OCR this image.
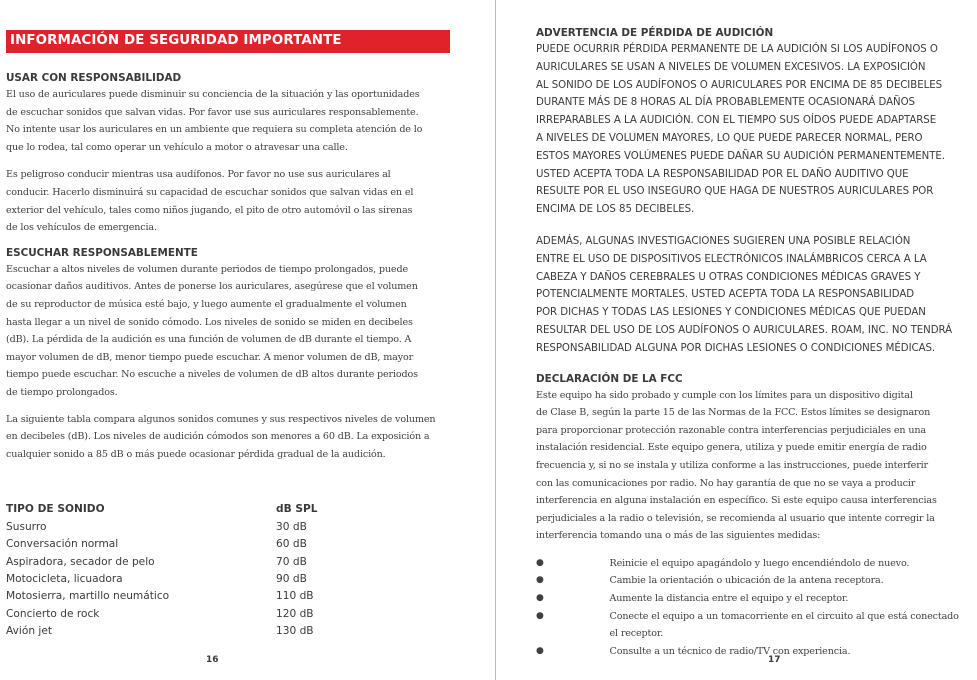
INFORMACIÓN DE SEGURIDAD IMPORTANTE
USAR CON RESPONSABILIDAD

El uso de auriculares puede disminuir su conciencia de la situación y las oportunidades
de escuchar sonidos que salvan vidas. Por favor use sus auriculares responsablemente.
No intente usar los auriculares en un ambiente que requiera su completa atención de lo
que lo rodea, tal como operar un vehículo a motor o atravesar una calle.

Es peligroso conducir mientras usa audífonos. Por favor no use sus auriculares al
conducir. Hacerlo disminuirá su capacidad de escuchar sonidos que salvan vidas en el
exterior del vehículo, tales como niños jugando, el pito de otro automóvil o las sirenas
de los vehículos de emergencia.

ESCUCHAR RESPONSABLEMENTE

Escuchar a altos niveles de volumen durante periodos de tiempo prolongados, puede
ocasionar daños auditivos. Antes de ponerse los auriculares, asegúrese que el volumen
de su reproductor de música esté bajo, y luego aumente el gradualmente el volumen
hasta llegar a un nivel de sonido cómodo. Los niveles de sonido se miden en decibeles
(dB). La pérdida de la audición es una función de volumen de dB durante el tiempo. A
mayor volumen de dB, menor tiempo puede escuchar. A menor volumen de dB, mayor
tiempo puede escuchar. No escuche a niveles de volumen de dB altos durante periodos
de tiempo prolongados.

La siguiente tabla compara algunos sonidos comunes y sus respectivos niveles de volumen
en decibeles (dB). Los niveles de audición cómodos son menores a 60 dB. La exposición a
cualquier sonido a 85 dB o más puede ocasionar pérdida gradual de la audición.

TIPO DE SONIDO	dB SPL
Susurro	30 dB
Conversación normal	60 dB
Aspiradora, secador de pelo	70 dB
Motocicleta, licuadora	90 dB
Motosierra, martillo neumático	110 dB
Concierto de rock	120 dB
Avión jet	130 dB
16
ADVERTENCIA DE PÉRDIDA DE AUDICIÓN

PUEDE OCURRIR PÉRDIDA PERMANENTE DE LA AUDICIÓN SI LOS AUDÍFONOS O
AURICULARES SE USAN A NIVELES DE VOLUMEN EXCESIVOS. LA EXPOSICIÓN
AL SONIDO DE LOS AUDÍFONOS O AURICULARES POR ENCIMA DE 85 DECIBELES
DURANTE MÁS DE 8 HORAS AL DÍA PROBABLEMENTE OCASIONARÁ DAÑOS
IRREPARABLES A LA AUDICIÓN. CON EL TIEMPO SUS OÍDOS PUEDE ADAPTARSE
A NIVELES DE VOLUMEN MAYORES, LO QUE PUEDE PARECER NORMAL, PERO
ESTOS MAYORES VOLÚMENES PUEDE DAÑAR SU AUDICIÓN PERMANENTEMENTE.
USTED ACEPTA TODA LA RESPONSABILIDAD POR EL DAÑO AUDITIVO QUE
RESULTE POR EL USO INSEGURO QUE HAGA DE NUESTROS AURICULARES POR
ENCIMA DE LOS 85 DECIBELES.

ADEMÁS, ALGUNAS INVESTIGACIONES SUGIEREN UNA POSIBLE RELACIÓN
ENTRE EL USO DE DISPOSITIVOS ELECTRÓNICOS INALÁMBRICOS CERCA A LA
CABEZA Y DAÑOS CEREBRALES U OTRAS CONDICIONES MÉDICAS GRAVES Y
POTENCIALMENTE MORTALES. USTED ACEPTA TODA LA RESPONSABILIDAD
POR DICHAS Y TODAS LAS LESIONES Y CONDICIONES MÉDICAS QUE PUEDAN
RESULTAR DEL USO DE LOS AUDÍFONOS O AURICULARES. ROAM, INC. NO TENDRÁ
RESPONSABILIDAD ALGUNA POR DICHAS LESIONES O CONDICIONES MÉDICAS.

DECLARACIÓN DE LA FCC

Este equipo ha sido probado y cumple con los límites para un dispositivo digital
de Clase B, según la parte 15 de las Normas de la FCC. Estos límites se designaron
para proporcionar protección razonable contra interferencias perjudiciales en una
instalación residencial. Este equipo genera, utiliza y puede emitir energía de radio
frecuencia y, si no se instala y utiliza conforme a las instrucciones, puede interferir
con las comunicaciones por radio. No hay garantía de que no se vaya a producir
interferencia en alguna instalación en específico. Si este equipo causa interferencias
perjudiciales a la radio o televisión, se recomienda al usuario que intente corregir la
interferencia tomando una o más de las siguientes medidas:

●	Reinicie el equipo apagándolo y luego encendiéndolo de nuevo.
●	Cambie la orientación o ubicación de la antena receptora.
●	Aumente la distancia entre el equipo y el receptor.
●	Conecte el equipo a un tomacorriente en el circuito al que está conectado
el receptor.
●	Consulte a un técnico de radio/TV con experiencia.
17
